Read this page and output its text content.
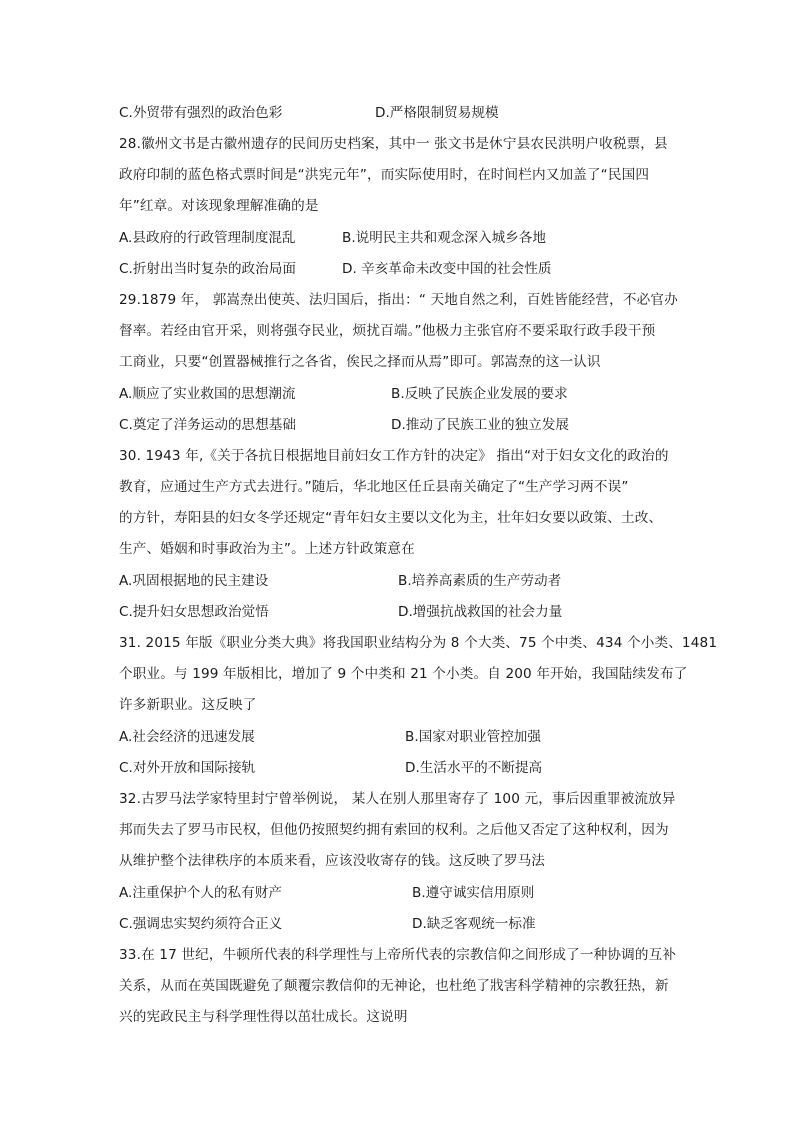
C.外贸带有强烈的政治色彩	D.严格限制贸易规模
28.徽州文书是古徽州遗存的民间历史档案，其中一 张文书是休宁县农民洪明户收税票，县
政府印制的蓝色格式票时间是“洪宪元年”，而实际使用时，在时间栏内又加盖了“民国四
年”红章。对该现象理解准确的是
A.县政府的行政管理制度混乱	B.说明民主共和观念深入城乡各地
C.折射出当时复杂的政治局面	D. 辛亥革命未改变中国的社会性质
29.1879 年， 郭嵩焘出使英、法归国后，指出：“ 天地自然之利，百姓皆能经营，不必官办
督率。若经由官开采，则将强夺民业，烦扰百端。”他极力主张官府不要采取行政手段干预
工商业，只要“创置器械推行之各省，俟民之择而从焉”即可。郭嵩焘的这一认识
A.顺应了实业救国的思想潮流	B.反映了民族企业发展的要求
C.奠定了洋务运动的思想基础	D.推动了民族工业的独立发展
30. 1943 年,《关于各抗日根据地目前妇女工作方针的决定》 指出“对于妇女文化的政治的
教育，应通过生产方式去进行。”随后，华北地区任丘县南关确定了“生产学习两不误”
的方针，寿阳县的妇女冬学还规定“青年妇女主要以文化为主，壮年妇女要以政策、土改、
生产、婚姻和时事政治为主”。上述方针政策意在
A.巩固根据地的民主建设	B.培养高素质的生产劳动者
C.提升妇女思想政治觉悟	D.增强抗战救国的社会力量
31. 2015 年版《职业分类大典》将我国职业结构分为 8 个大类、75 个中类、434 个小类、1481
个职业。与 199 年版相比，增加了 9 个中类和 21 个小类。自 200 年开始，我国陆续发布了
许多新职业。这反映了
A.社会经济的迅速发展	B.国家对职业管控加强
C.对外开放和国际接轨	D.生活水平的不断提高
32.古罗马法学家特里封宁曾举例说， 某人在别人那里寄存了 100 元，事后因重罪被流放异
邦而失去了罗马市民权，但他仍按照契约拥有索回的权利。之后他又否定了这种权利，因为
从维护整个法律秩序的本质来看，应该没收寄存的钱。这反映了罗马法
A.注重保护个人的私有财产	B.遵守诚实信用原则
C.强调忠实契约须符合正义	D.缺乏客观统一标准
33.在 17 世纪，牛顿所代表的科学理性与上帝所代表的宗教信仰之间形成了一种协调的互补
关系，从而在英国既避免了颠覆宗教信仰的无神论，也杜绝了戕害科学精神的宗教狂热，新
兴的宪政民主与科学理性得以茁壮成长。这说明
